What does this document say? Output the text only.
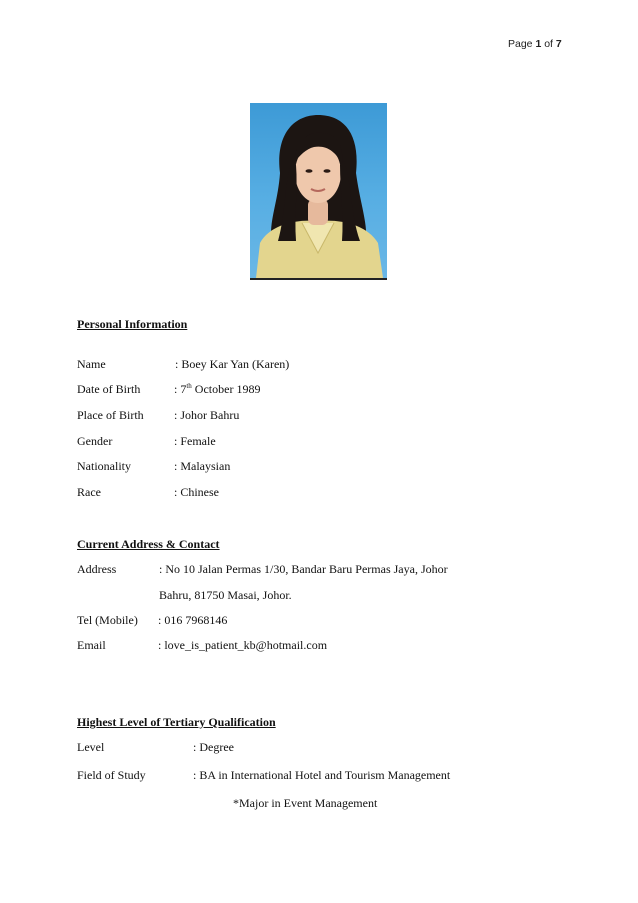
Page 1 of 7
Personal Information
Name	: Boey Kar Yan (Karen)
Date of Birth	: 7th October 1989
Place of Birth	: Johor Bahru
Gender	: Female
Nationality	: Malaysian
Race	: Chinese
Current Address & Contact
Address	: No 10 Jalan Permas 1/30, Bandar Baru Permas Jaya, Johor
Bahru, 81750 Masai, Johor.
Tel (Mobile) : 016 7968146
Email	: love_is_patient_kb@hotmail.com
Highest Level of Tertiary Qualification
Level	: Degree
Field of Study	: BA in International Hotel and Tourism Management
*Major in Event Management
